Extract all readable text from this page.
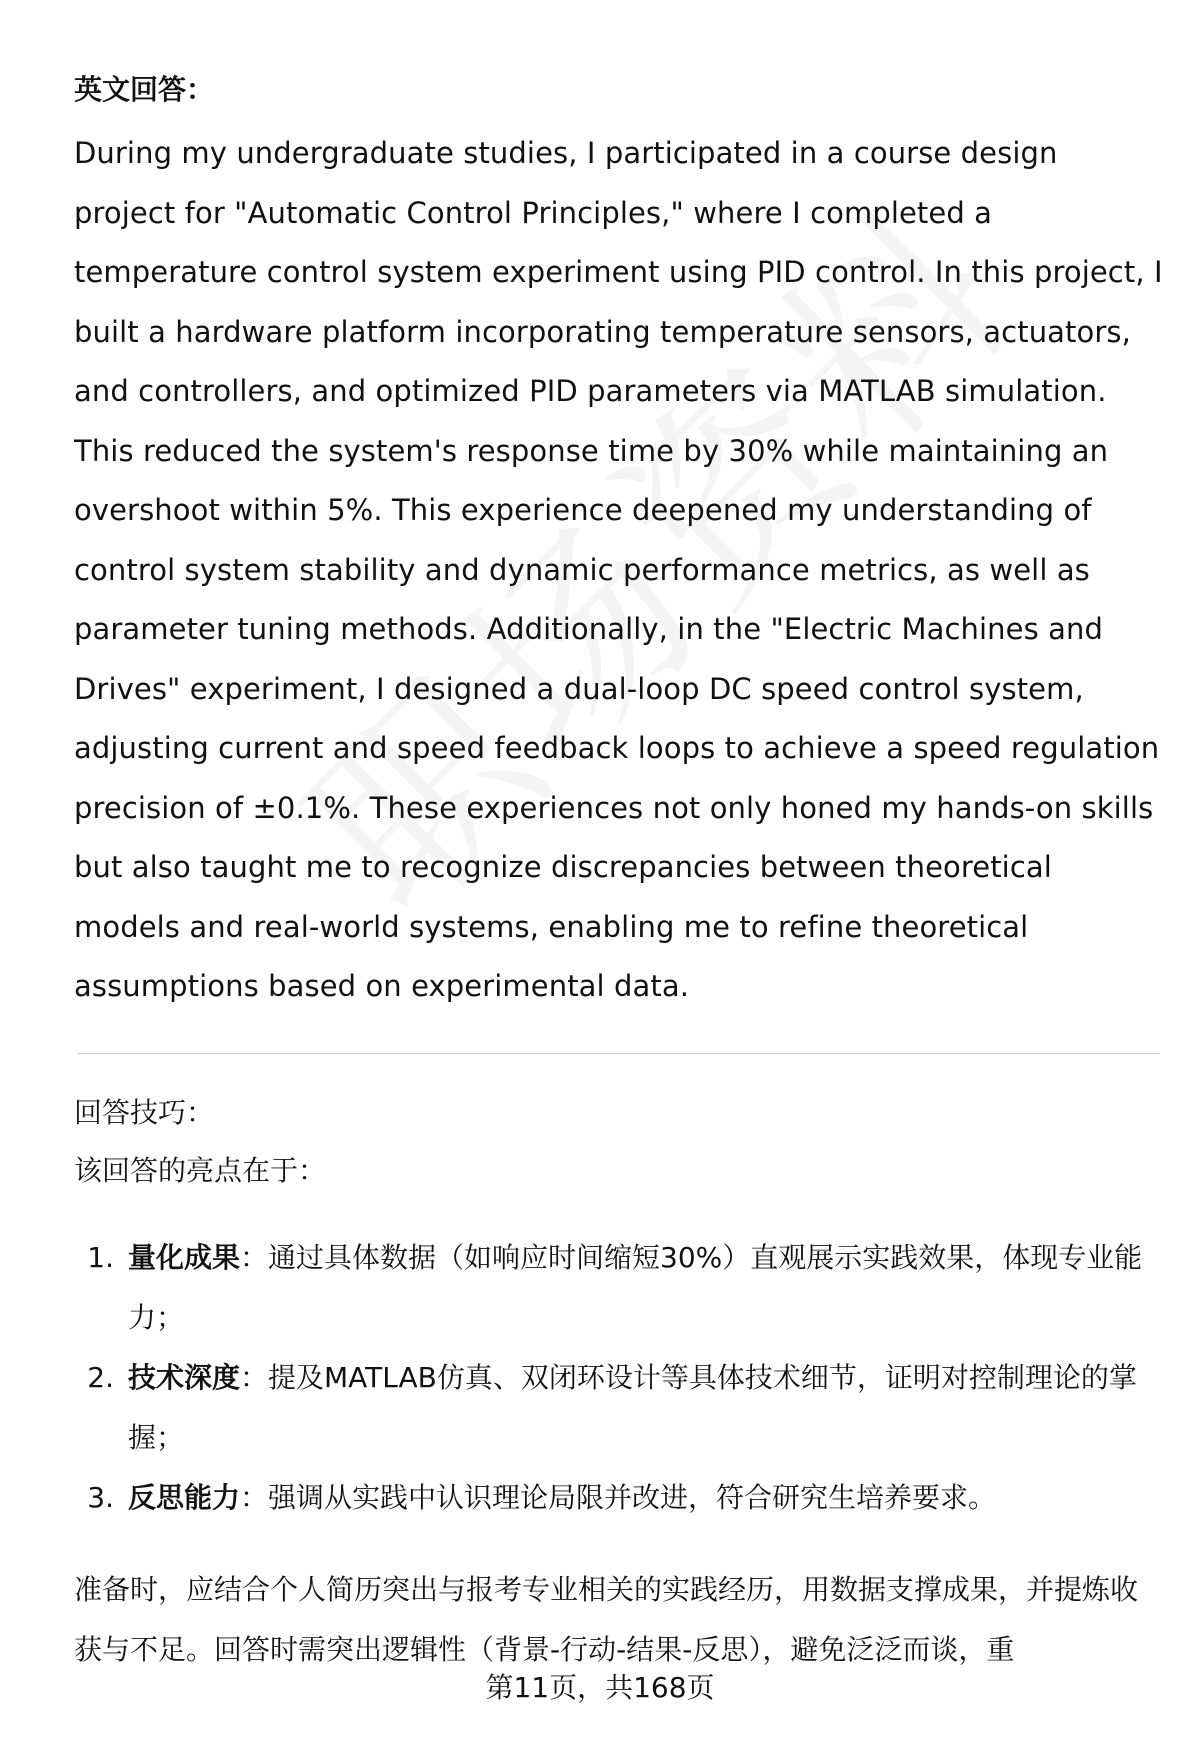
英文回答：

During my undergraduate studies, I participated in a course design project for "Automatic Control Principles," where I completed a temperature control system experiment using PID control. In this project, I built a hardware platform incorporating temperature sensors, actuators, and controllers, and optimized PID parameters via MATLAB simulation. This reduced the system's response time by 30% while maintaining an overshoot within 5%. This experience deepened my understanding of control system stability and dynamic performance metrics, as well as parameter tuning methods. Additionally, in the "Electric Machines and Drives" experiment, I designed a dual-loop DC speed control system, adjusting current and speed feedback loops to achieve a speed regulation precision of ±0.1%. These experiences not only honed my hands-on skills but also taught me to recognize discrepancies between theoretical models and real-world systems, enabling me to refine theoretical assumptions based on experimental data.

回答技巧：
该回答的亮点在于：
1. 量化成果：通过具体数据（如响应时间缩短30%）直观展示实践效果，体现专业能力；
2. 技术深度：提及MATLAB仿真、双闭环设计等具体技术细节，证明对控制理论的掌握；
3. 反思能力：强调从实践中认识理论局限并改进，符合研究生培养要求。

准备时，应结合个人简历突出与报考专业相关的实践经历，用数据支撑成果，并提炼收获与不足。回答时需突出逻辑性（背景-行动-结果-反思），避免泛泛而谈，重

第11页，共168页
